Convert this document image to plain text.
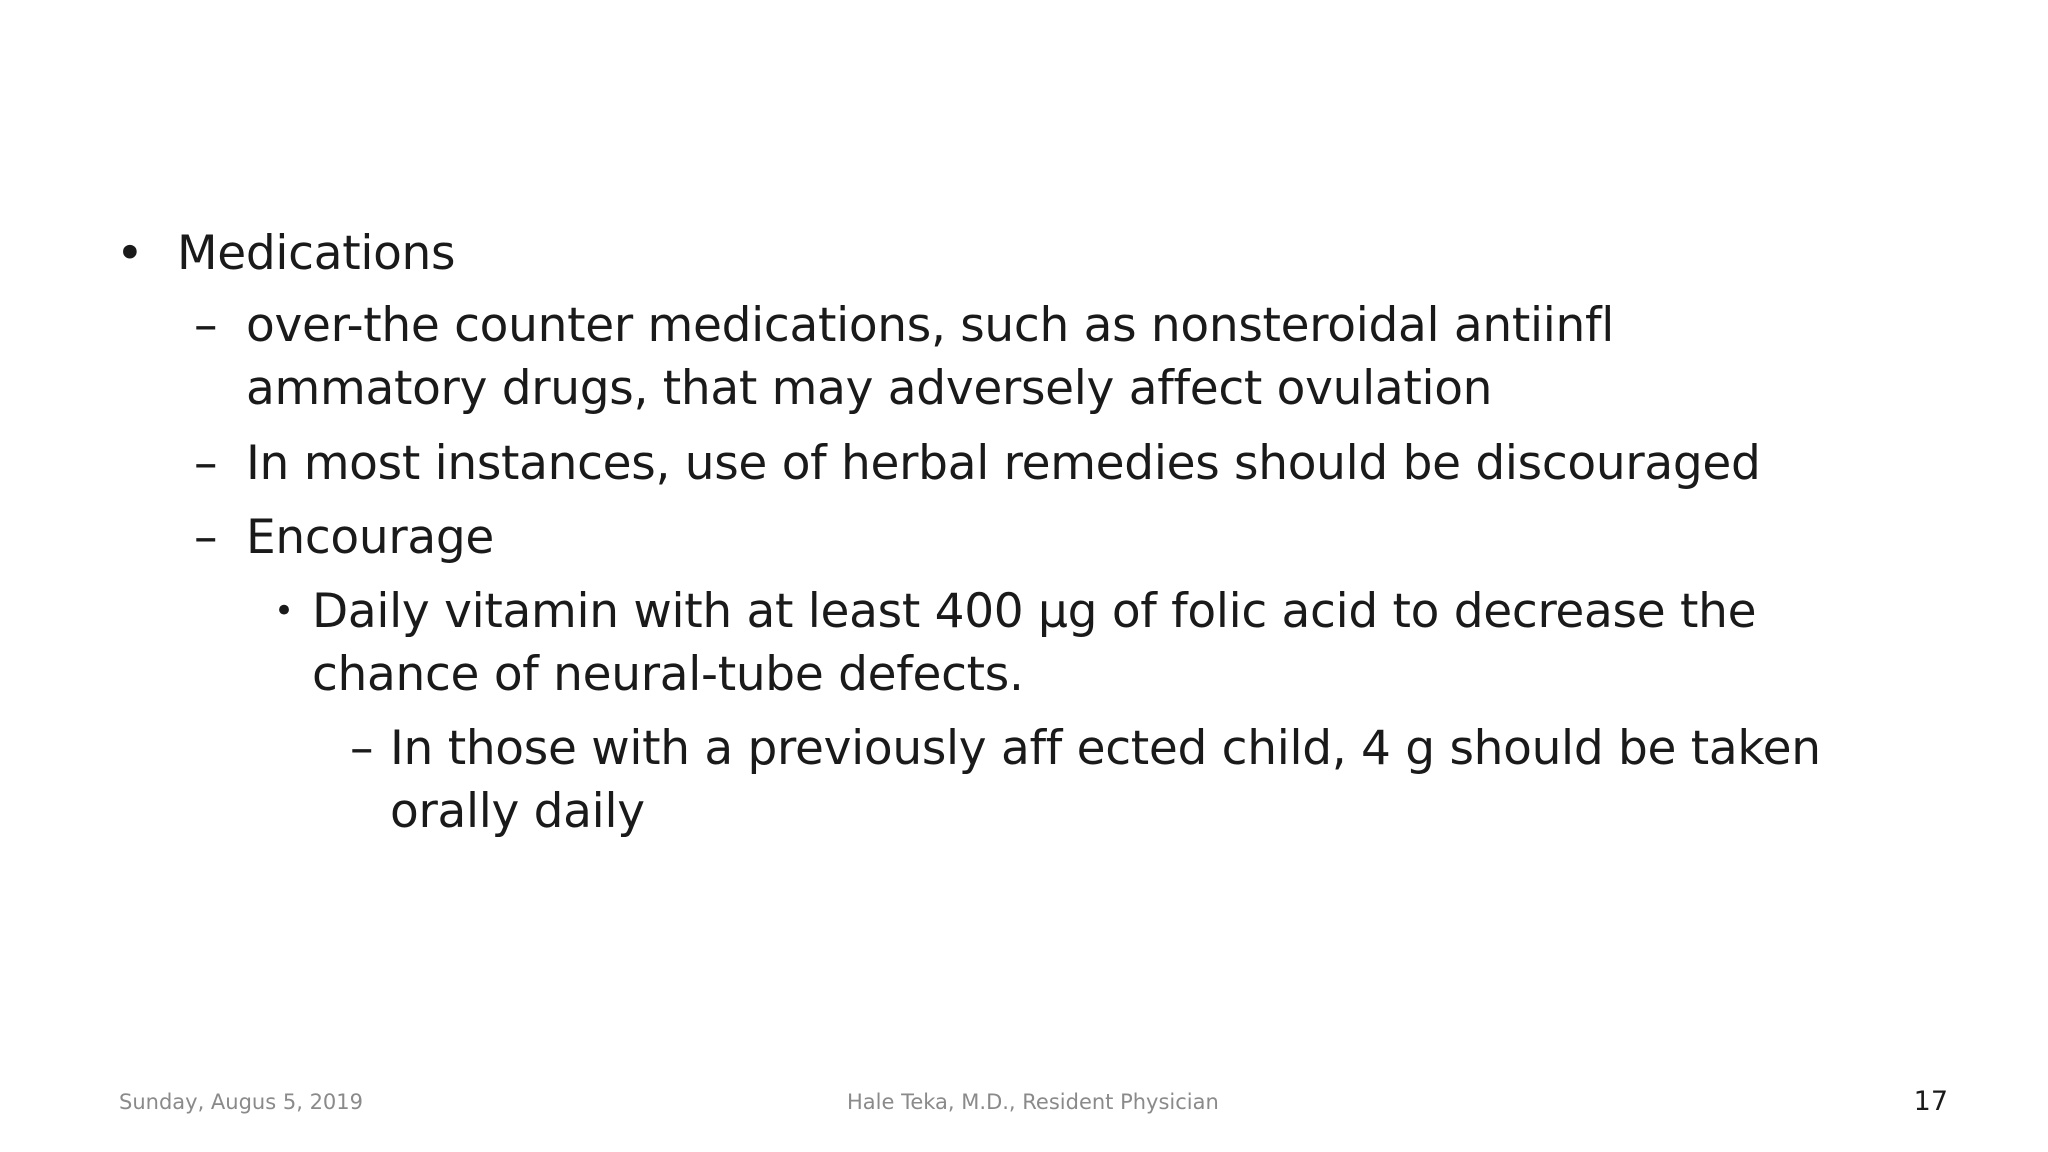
• Medications
– over-the counter medications, such as nonsteroidal antiinfl
ammatory drugs, that may adversely affect ovulation
– In most instances, use of herbal remedies should be discouraged
– Encourage
• Daily vitamin with at least 400 μg of folic acid to decrease the
chance of neural-tube defects.
– In those with a previously aff ected child, 4 g should be taken
orally daily
Sunday, Augus 5, 2019	Hale Teka, M.D., Resident Physician	17
